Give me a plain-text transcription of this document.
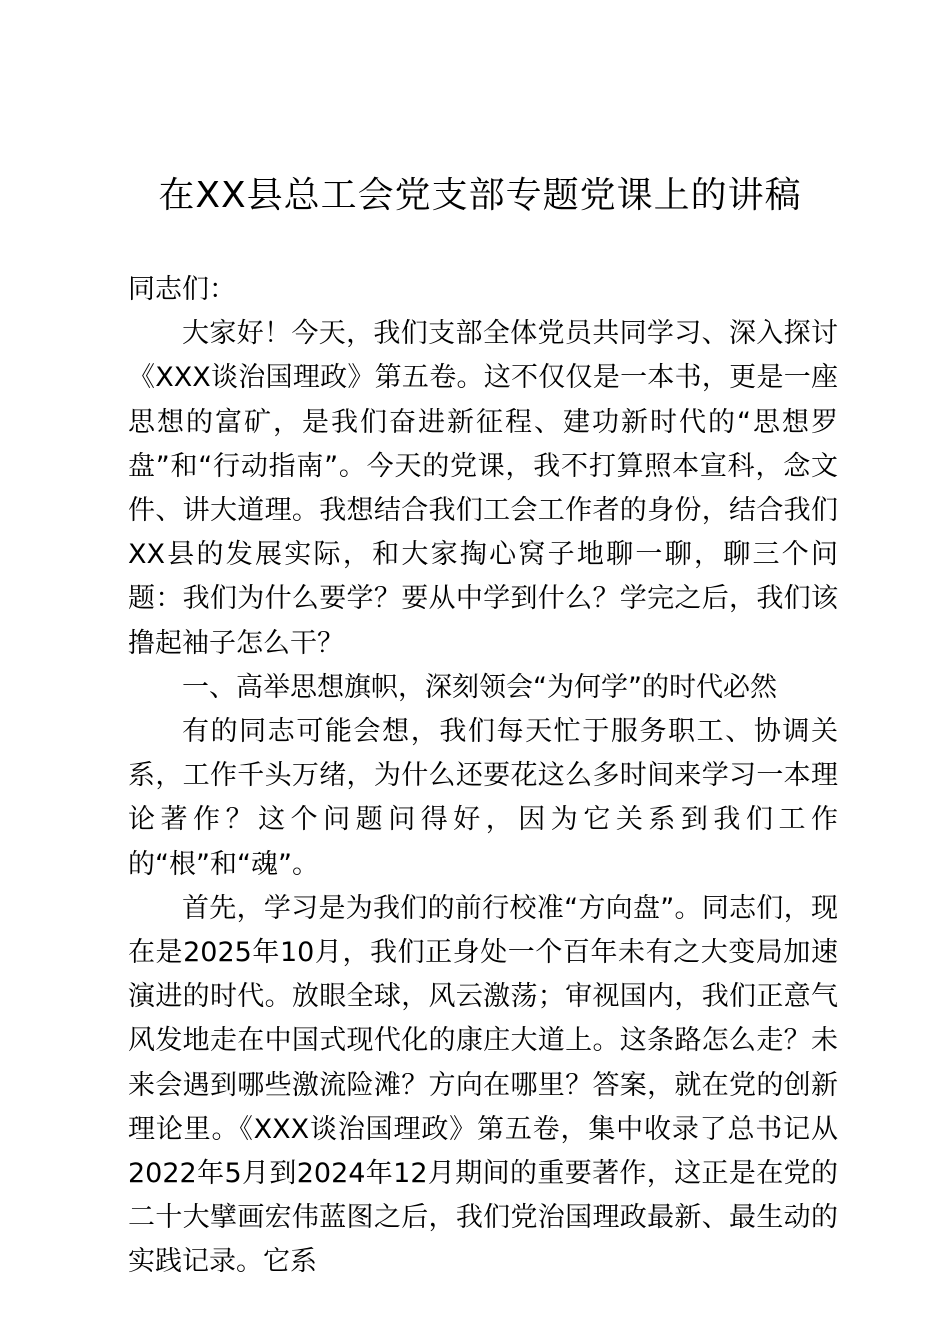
在XX县总工会党支部专题党课上的讲稿

同志们：

大家好！今天，我们支部全体党员共同学习、深入探讨《XXX谈治国理政》第五卷。这不仅仅是一本书，更是一座思想的富矿，是我们奋进新征程、建功新时代的“思想罗盘”和“行动指南”。今天的党课，我不打算照本宣科，念文件、讲大道理。我想结合我们工会工作者的身份，结合我们XX县的发展实际，和大家掏心窝子地聊一聊，聊三个问题：我们为什么要学？要从中学到什么？学完之后，我们该撸起袖子怎么干？

一、高举思想旗帜，深刻领会“为何学”的时代必然

有的同志可能会想，我们每天忙于服务职工、协调关系，工作千头万绪，为什么还要花这么多时间来学习一本理论著作？这个问题问得好，因为它关系到我们工作的“根”和“魂”。

首先，学习是为我们的前行校准“方向盘”。同志们，现在是2025年10月，我们正身处一个百年未有之大变局加速演进的时代。放眼全球，风云激荡；审视国内，我们正意气风发地走在中国式现代化的康庄大道上。这条路怎么走？未来会遇到哪些激流险滩？方向在哪里？答案，就在党的创新理论里。《XXX谈治国理政》第五卷，集中收录了总书记从2022年5月到2024年12月期间的重要著作，这正是在党的二十大擘画宏伟蓝图之后，我们党治国理政最新、最生动的实践记录。它系
